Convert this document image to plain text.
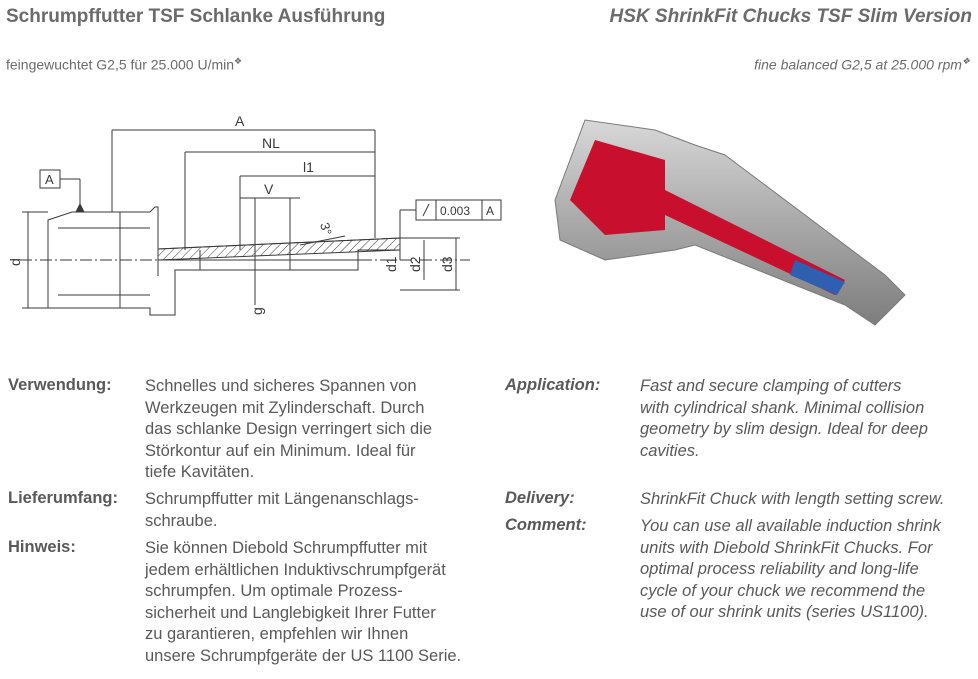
Schrumpffutter TSF Schlanke Ausführung	HSK ShrinkFit Chucks TSF Slim Version
feingewuchtet G2,5 für 25.000 U/min❖	fine balanced G2,5 at 25.000 rpm❖
A
NL
l1
V
3°
A
0.003 A
d	d1 d2 d3
g
Verwendung: Schnelles und sicheres Spannen von
Werkzeugen mit Zylinderschaft. Durch
das schlanke Design verringert sich die
Störkontur auf ein Minimum. Ideal für
tiefe Kavitäten.
Lieferumfang: Schrumpffutter mit Längenanschlags-
schraube.
Hinweis:	Sie können Diebold Schrumpffutter mit
jedem erhältlichen Induktivschrumpfgerät
schrumpfen. Um optimale Prozess-
sicherheit und Langlebigkeit Ihrer Futter
zu garantieren, empfehlen wir Ihnen
unsere Schrumpfgeräte der US 1100 Serie.
Application: Fast and secure clamping of cutters
with cylindrical shank. Minimal collision
geometry by slim design. Ideal for deep
cavities.
Delivery:	ShrinkFit Chuck with length setting screw.
Comment:	You can use all available induction shrink
units with Diebold ShrinkFit Chucks. For
optimal process reliability and long-life
cycle of your chuck we recommend the
use of our shrink units (series US1100).
